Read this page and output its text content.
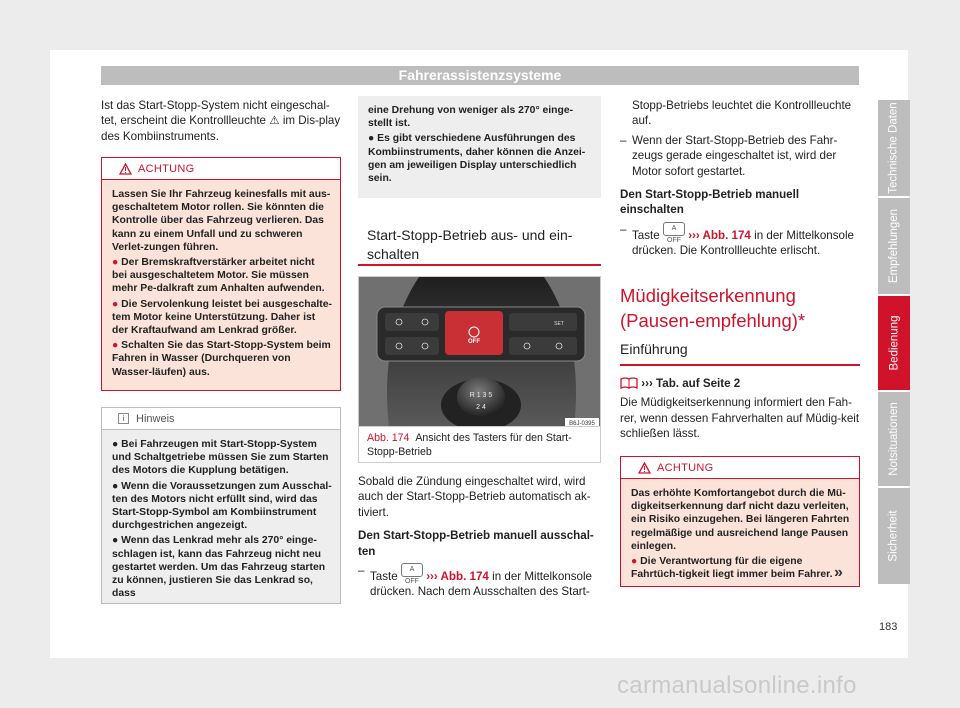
Fahrerassistenzsysteme

Ist das Start-Stopp-System nicht eingeschal-tet, erscheint die Kontrollleuchte ⚠ im Dis-play des Kombiinstruments.

ACHTUNG

Lassen Sie Ihr Fahrzeug keinesfalls mit aus-geschaltetem Motor rollen. Sie könnten die Kontrolle über das Fahrzeug verlieren. Das kann zu einem Unfall und zu schweren Verlet-zungen führen.

● Der Bremskraftverstärker arbeitet nicht bei ausgeschaltetem Motor. Sie müssen mehr Pe-dalkraft zum Anhalten aufwenden.

● Die Servolenkung leistet bei ausgeschalte-tem Motor keine Unterstützung. Daher ist der Kraftaufwand am Lenkrad größer.

● Schalten Sie das Start-Stopp-System beim Fahren in Wasser (Durchqueren von Wasser-läufen) aus.

i	Hinweis

● Bei Fahrzeugen mit Start-Stopp-System und Schaltgetriebe müssen Sie zum Starten des Motors die Kupplung betätigen.

● Wenn die Voraussetzungen zum Ausschal-ten des Motors nicht erfüllt sind, wird das Start-Stopp-Symbol am Kombiinstrument durchgestrichen angezeigt.

● Wenn das Lenkrad mehr als 270° einge-schlagen ist, kann das Fahrzeug nicht neu gestartet werden. Um das Fahrzeug starten zu können, justieren Sie das Lenkrad so, dass

eine Drehung von weniger als 270° einge-stellt ist.

● Es gibt verschiedene Ausführungen des Kombiinstruments, daher können die Anzei-gen am jeweiligen Display unterschiedlich sein.

Start-Stopp-Betrieb aus- und ein-schalten
OFF
SET
R 1 3 5
2 4
B6J-0395
Abb. 174 Ansicht des Tasters für den Start-Stopp-Betrieb

Sobald die Zündung eingeschaltet wird, wird auch der Start-Stopp-Betrieb automatisch ak-tiviert.

Den Start-Stopp-Betrieb manuell ausschal-ten

– Taste A OFF ››› Abb. 174 in der Mittelkonsole drücken. Nach dem Ausschalten des Start-

Stopp-Betriebs leuchtet die Kontrollleuchte auf.

– Wenn der Start-Stopp-Betrieb des Fahr-zeugs gerade eingeschaltet ist, wird der Motor sofort gestartet.

Den Start-Stopp-Betrieb manuell einschalten

– Taste A OFF ››› Abb. 174 in der Mittelkonsole drücken. Die Kontrollleuchte erlischt.

Müdigkeitserkennung (Pausen-empfehlung)*
Einführung

››› Tab. auf Seite 2

Die Müdigkeitserkennung informiert den Fah-rer, wenn dessen Fahrverhalten auf Müdig-keit schließen lässt.

ACHTUNG

Das erhöhte Komfortangebot durch die Mü-digkeitserkennung darf nicht dazu verleiten, ein Risiko einzugehen. Bei längeren Fahrten regelmäßige und ausreichend lange Pausen einlegen.

● Die Verantwortung für die eigene Fahrtüch-tigkeit liegt immer beim Fahrer. »
Technische Daten
Empfehlungen
Bedienung
Notsituationen
Sicherheit
183
carmanualsonline.info
